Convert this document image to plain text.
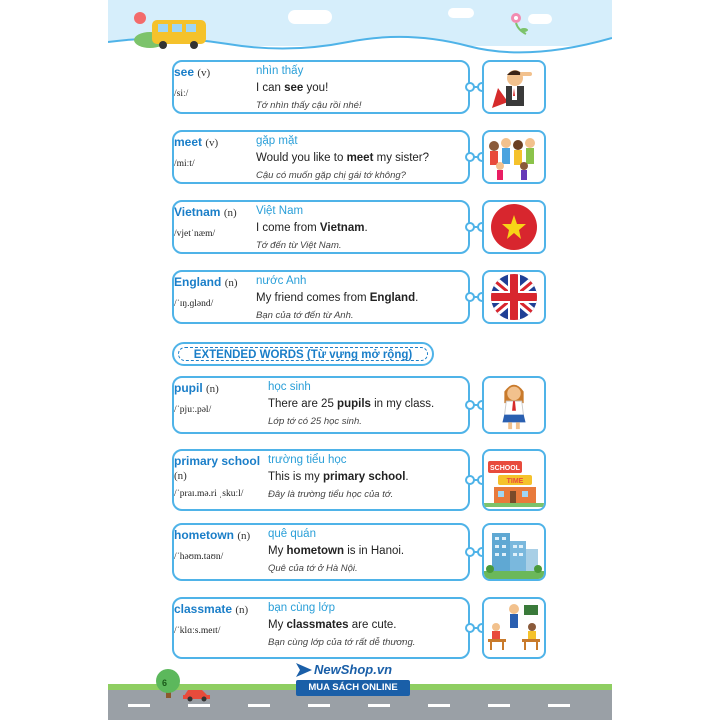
see (v)
/siː/
nhìn thấy
I can see you!
Tớ nhìn thấy cậu rồi nhé!
meet (v)
/miːt/
gặp mặt
Would you like to meet my sister?
Cậu có muốn gặp chị gái tớ không?
Vietnam (n)
/vjetˈnæm/
Việt Nam
I come from Vietnam.
Tớ đến từ Việt Nam.
England (n)
/ˈɪŋ.ɡlənd/
nước Anh
My friend comes from England.
Bạn của tớ đến từ Anh.
pupil (n)
/ˈpjuː.pəl/
học sinh
There are 25 pupils in my class.
Lớp tớ có 25 học sinh.
SCHOOL
TIME
primary school
(n)
/ˈpraɪ.mə.ri ˌskuːl/
trường tiểu học
This is my primary school.
Đây là trường tiểu học của tớ.
hometown (n)
/ˈhəʊm.taʊn/
quê quán
My hometown is in Hanoi.
Quê của tớ ở Hà Nội.
classmate (n)
/ˈklɑːs.meɪt/
bạn cùng lớp
My classmates are cute.
Bạn cùng lớp của tớ rất dễ thương.
EXTENDED WORDS (Từ vựng mở rộng)
6
NewShop.vn
MUA SÁCH ONLINE
